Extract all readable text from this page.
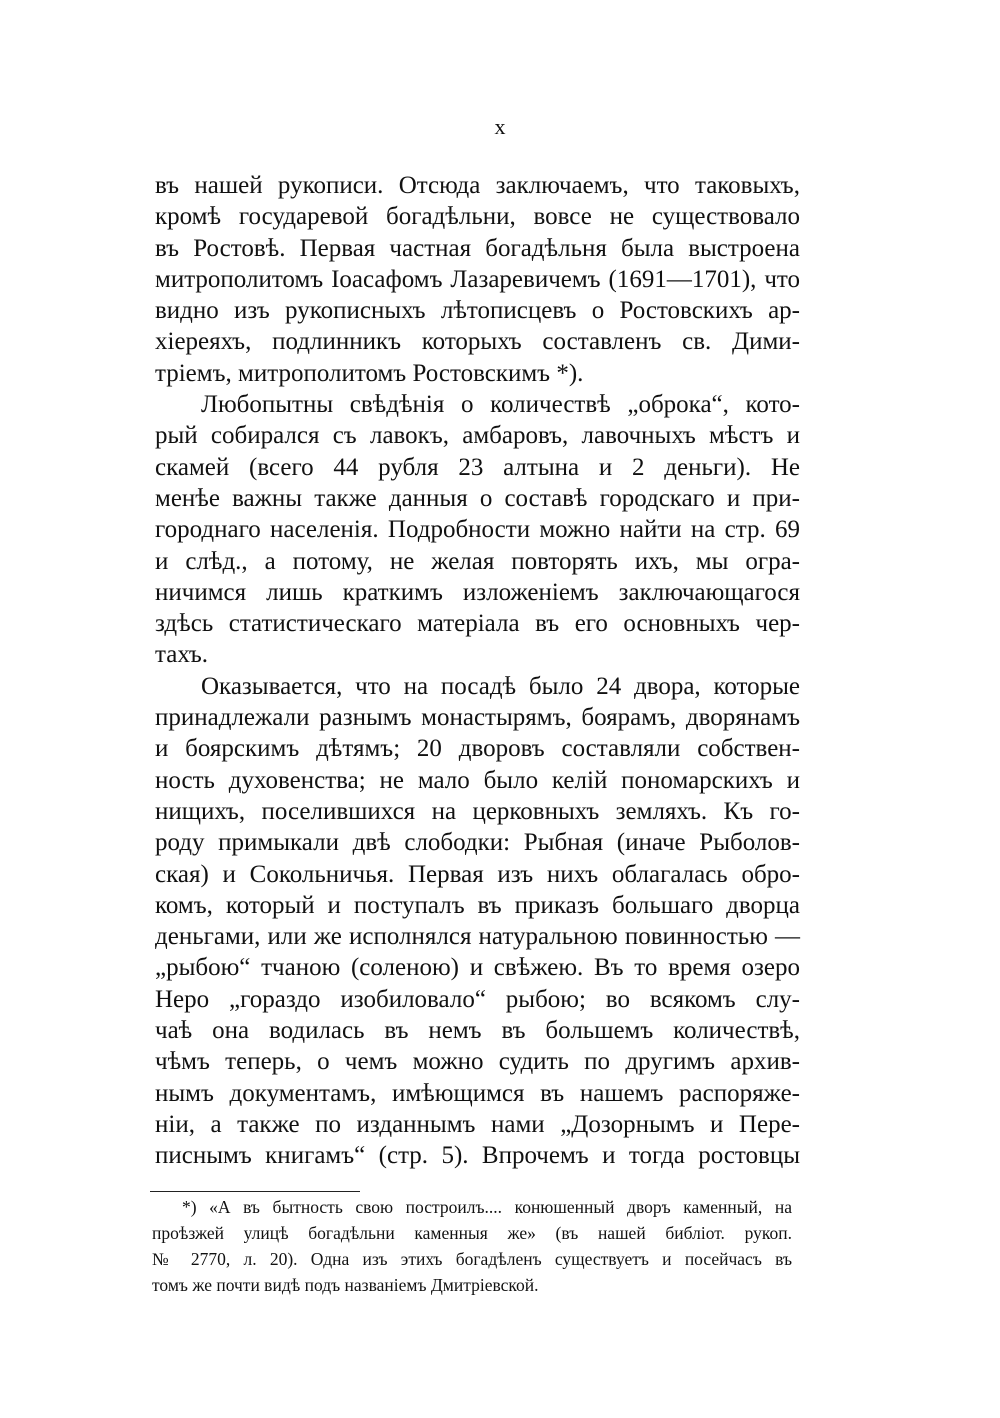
x
въ нашей рукописи. Отсюда заключаемъ, что таковыхъ,
кромѣ государевой богадѣльни, вовсе не существовало
въ Ростовѣ. Первая частная богадѣльня была выстроена
митрополитомъ Іоасафомъ Лазаревичемъ (1691—1701), что
видно изъ рукописныхъ лѣтописцевъ о Ростовскихъ ар-
хіереяхъ, подлинникъ которыхъ составленъ св. Дими-
тріемъ, митрополитомъ Ростовскимъ *).
Любопытны свѣдѣнія о количествѣ „оброка“, кото-
рый собирался съ лавокъ, амбаровъ, лавочныхъ мѣстъ и
скамей (всего 44 рубля 23 алтына и 2 деньги). Не
менѣе важны также данныя о составѣ городскаго и при-
городнаго населенія. Подробности можно найти на стр. 69
и слѣд., а потому, не желая повторять ихъ, мы огра-
ничимся лишь краткимъ изложеніемъ заключающагося
здѣсь статистическаго матеріала въ его основныхъ чер-
тахъ.
Оказывается, что на посадѣ было 24 двора, которые
принадлежали разнымъ монастырямъ, боярамъ, дворянамъ
и боярскимъ дѣтямъ; 20 дворовъ составляли собствен-
ность духовенства; не мало было келій пономарскихъ и
нищихъ, поселившихся на церковныхъ земляхъ. Къ го-
роду примыкали двѣ слободки: Рыбная (иначе Рыболов-
ская) и Сокольничья. Первая изъ нихъ облагалась обро-
комъ, который и поступалъ въ приказъ большаго дворца
деньгами, или же исполнялся натуральною повинностью —
„рыбою“ тчаною (соленою) и свѣжею. Въ то время озеро
Неро „гораздо изобиловало“ рыбою; во всякомъ слу-
чаѣ она водилась въ немъ въ большемъ количествѣ,
чѣмъ теперь, о чемъ можно судить по другимъ архив-
нымъ документамъ, имѣющимся въ нашемъ распоряже-
ніи, а также по изданнымъ нами „Дозорнымъ и Пере-
писнымъ книгамъ“ (стр. 5). Впрочемъ и тогда ростовцы
*) «А въ бытность свою построилъ.... конюшенный дворъ каменный, на
проѣзжей улицѣ богадѣльни каменныя же» (въ нашей библіот. рукоп.
№ 2770, л. 20). Одна изъ этихъ богадѣленъ существуетъ и посейчасъ въ
томъ же почти видѣ подъ названіемъ Дмитріевской.
